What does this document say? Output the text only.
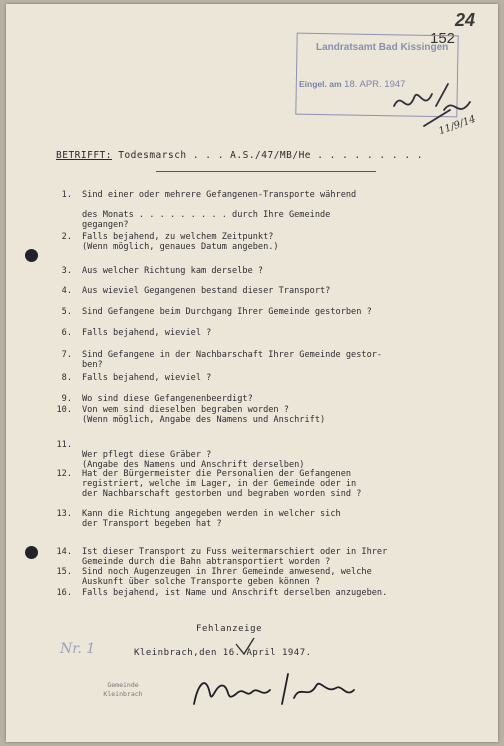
24
152
Landratsamt Bad Kissingen
Eingel. am 18. APR. 1947
11/9/14
BETRIFFT: Todesmarsch . . . A.S./47/MB/He . . . . . . . . .
1. Sind einer oder mehrere Gefangenen-Transporte während
des Monats . . . . . . . . . durch Ihre Gemeinde
gegangen?
2. Falls bejahend, zu welchem Zeitpunkt?
(Wenn möglich, genaues Datum angeben.)
3. Aus welcher Richtung kam derselbe ?
4. Aus wieviel Gegangenen bestand dieser Transport?
5. Sind Gefangene beim Durchgang Ihrer Gemeinde gestorben ?
6. Falls bejahend, wieviel ?
7. Sind Gefangene in der Nachbarschaft Ihrer Gemeinde gestor-
ben?
8. Falls bejahend, wieviel ?
9. Wo sind diese Gefangenenbeerdigt?
10. Von wem sind dieselben begraben worden ?
(Wenn möglich, Angabe des Namens und Anschrift)
11.
Wer pflegt diese Gräber ?
(Angabe des Namens und Anschrift derselben)
12. Hat der Bürgermeister die Personalien der Gefangenen
registriert, welche im Lager, in der Gemeinde oder in
der Nachbarschaft gestorben und begraben worden sind ?
13. Kann die Richtung angegeben werden in welcher sich
der Transport begeben hat ?
14. Ist dieser Transport zu Fuss weitermarschiert oder in Ihrer
Gemeinde durch die Bahn abtransportiert worden ?
15. Sind noch Augenzeugen in Ihrer Gemeinde anwesend, welche
Auskunft über solche Transporte geben können ?
16. Falls bejahend, ist Name und Anschrift derselben anzugeben.
Fehlanzeige
Kleinbrach,den 16. April 1947.
Nr. 1
Gemeinde
Kleinbrach
